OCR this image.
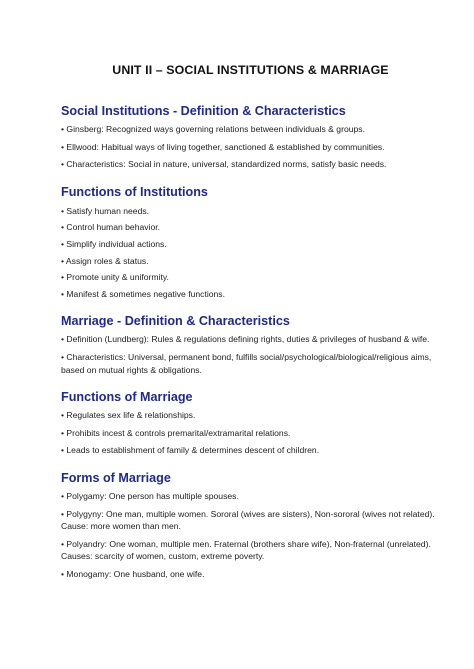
UNIT II – SOCIAL INSTITUTIONS & MARRIAGE
Social Institutions - Definition & Characteristics
• Ginsberg: Recognized ways governing relations between individuals & groups.
• Ellwood: Habitual ways of living together, sanctioned & established by communities.
• Characteristics: Social in nature, universal, standardized norms, satisfy basic needs.
Functions of Institutions
• Satisfy human needs.
• Control human behavior.
• Simplify individual actions.
• Assign roles & status.
• Promote unity & uniformity.
• Manifest & sometimes negative functions.
Marriage - Definition & Characteristics
• Definition (Lundberg): Rules & regulations defining rights, duties & privileges of husband & wife.
• Characteristics: Universal, permanent bond, fulfills social/psychological/biological/religious aims, based on mutual rights & obligations.
Functions of Marriage
• Regulates sex life & relationships.
• Prohibits incest & controls premarital/extramarital relations.
• Leads to establishment of family & determines descent of children.
Forms of Marriage
• Polygamy: One person has multiple spouses.
• Polygyny: One man, multiple women. Sororal (wives are sisters), Non-sororal (wives not related). Cause: more women than men.
• Polyandry: One woman, multiple men. Fraternal (brothers share wife), Non-fraternal (unrelated). Causes: scarcity of women, custom, extreme poverty.
• Monogamy: One husband, one wife.
